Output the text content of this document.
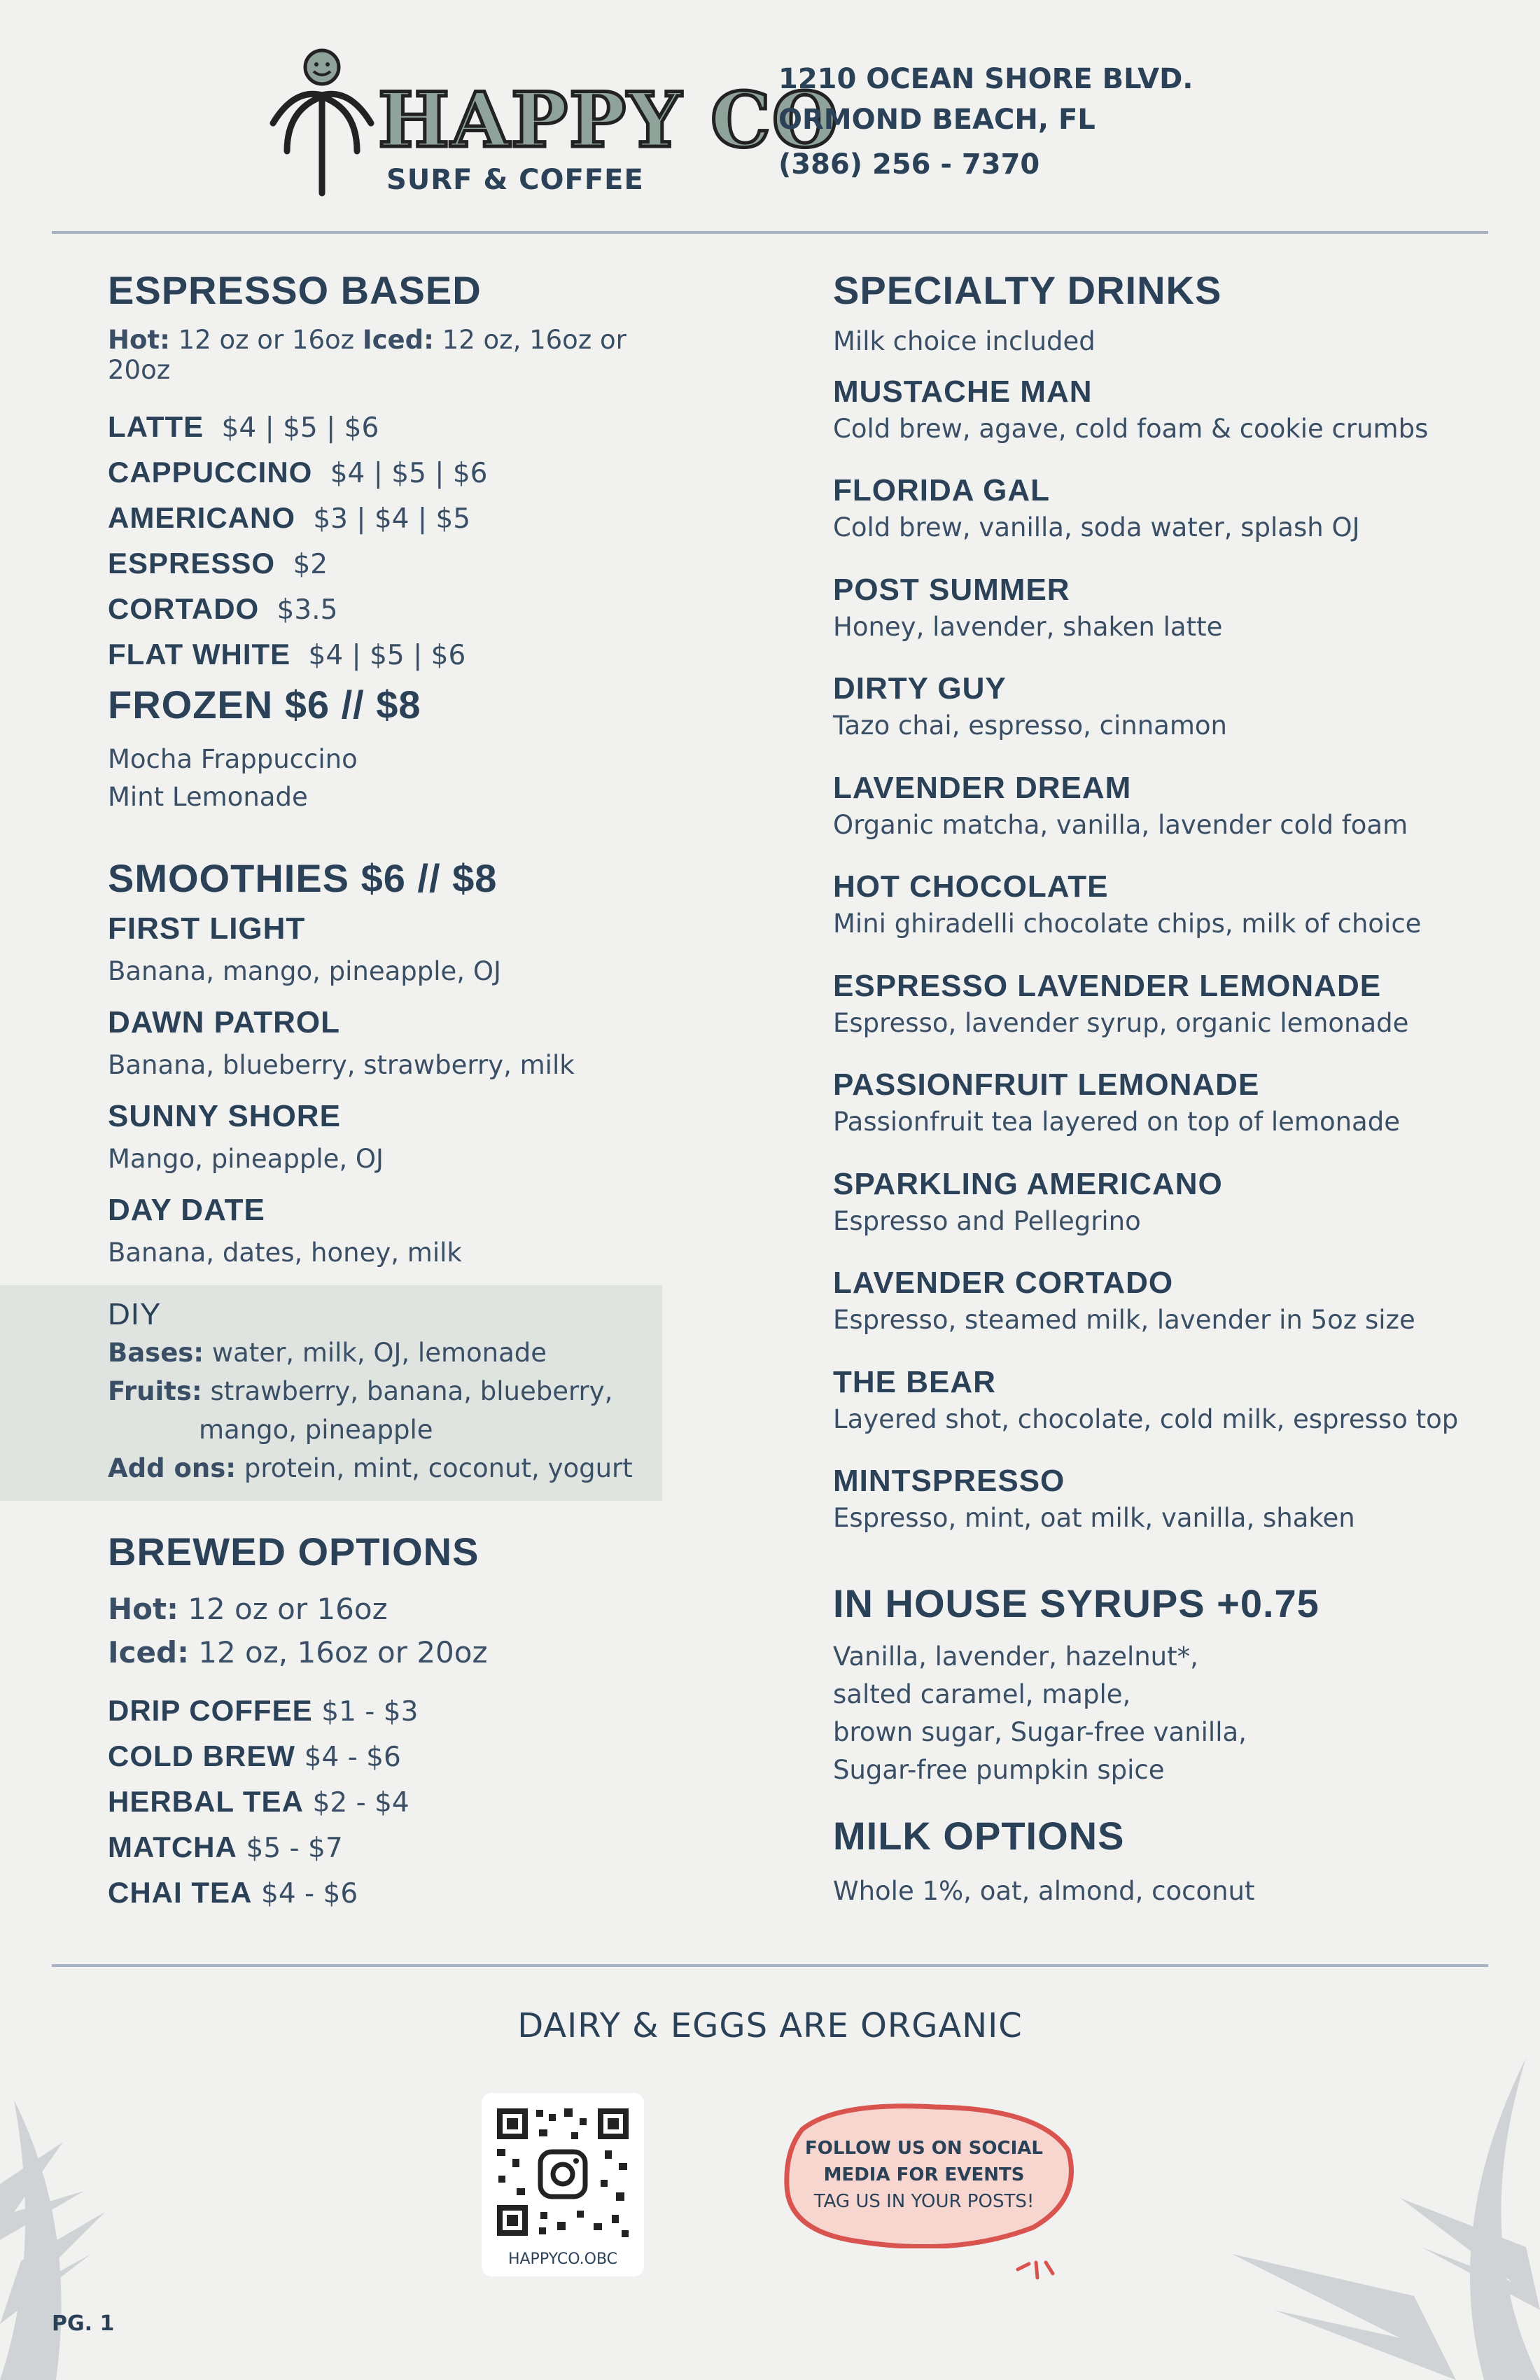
HAPPY CO
SURF & COFFEE
1210 OCEAN SHORE BLVD.
ORMOND BEACH, FL
(386) 256 - 7370
ESPRESSO BASED
Hot: 12 oz or 16oz Iced: 12 oz, 16oz or 20oz
LATTE $4 | $5 | $6
CAPPUCCINO $4 | $5 | $6
AMERICANO $3 | $4 | $5
ESPRESSO $2
CORTADO $3.5
FLAT WHITE $4 | $5 | $6
FROZEN $6 // $8
Mocha Frappuccino
Mint Lemonade
SMOOTHIES $6 // $8
FIRST LIGHT
Banana, mango, pineapple, OJ
DAWN PATROL
Banana, blueberry, strawberry, milk
SUNNY SHORE
Mango, pineapple, OJ
DAY DATE
Banana, dates, honey, milk
DIY
Bases: water, milk, OJ, lemonade
Fruits: strawberry, banana, blueberry,
mango, pineapple
Add ons: protein, mint, coconut, yogurt
BREWED OPTIONS
Hot: 12 oz or 16oz
Iced: 12 oz, 16oz or 20oz
DRIP COFFEE $1 - $3
COLD BREW $4 - $6
HERBAL TEA $2 - $4
MATCHA $5 - $7
CHAI TEA $4 - $6
SPECIALTY DRINKS
Milk choice included
MUSTACHE MAN
Cold brew, agave, cold foam & cookie crumbs
FLORIDA GAL
Cold brew, vanilla, soda water, splash OJ
POST SUMMER
Honey, lavender, shaken latte
DIRTY GUY
Tazo chai, espresso, cinnamon
LAVENDER DREAM
Organic matcha, vanilla, lavender cold foam
HOT CHOCOLATE
Mini ghiradelli chocolate chips, milk of choice
ESPRESSO LAVENDER LEMONADE
Espresso, lavender syrup, organic lemonade
PASSIONFRUIT LEMONADE
Passionfruit tea layered on top of lemonade
SPARKLING AMERICANO
Espresso and Pellegrino
LAVENDER CORTADO
Espresso, steamed milk, lavender in 5oz size
THE BEAR
Layered shot, chocolate, cold milk, espresso top
MINTSPRESSO
Espresso, mint, oat milk, vanilla, shaken
IN HOUSE SYRUPS +0.75
Vanilla, lavender, hazelnut*,
salted caramel, maple,
brown sugar, Sugar-free vanilla,
Sugar-free pumpkin spice
MILK OPTIONS
Whole 1%, oat, almond, coconut
DAIRY & EGGS ARE ORGANIC
HAPPYCO.OBC
FOLLOW US ON SOCIAL
MEDIA FOR EVENTS
TAG US IN YOUR POSTS!
PG. 1
